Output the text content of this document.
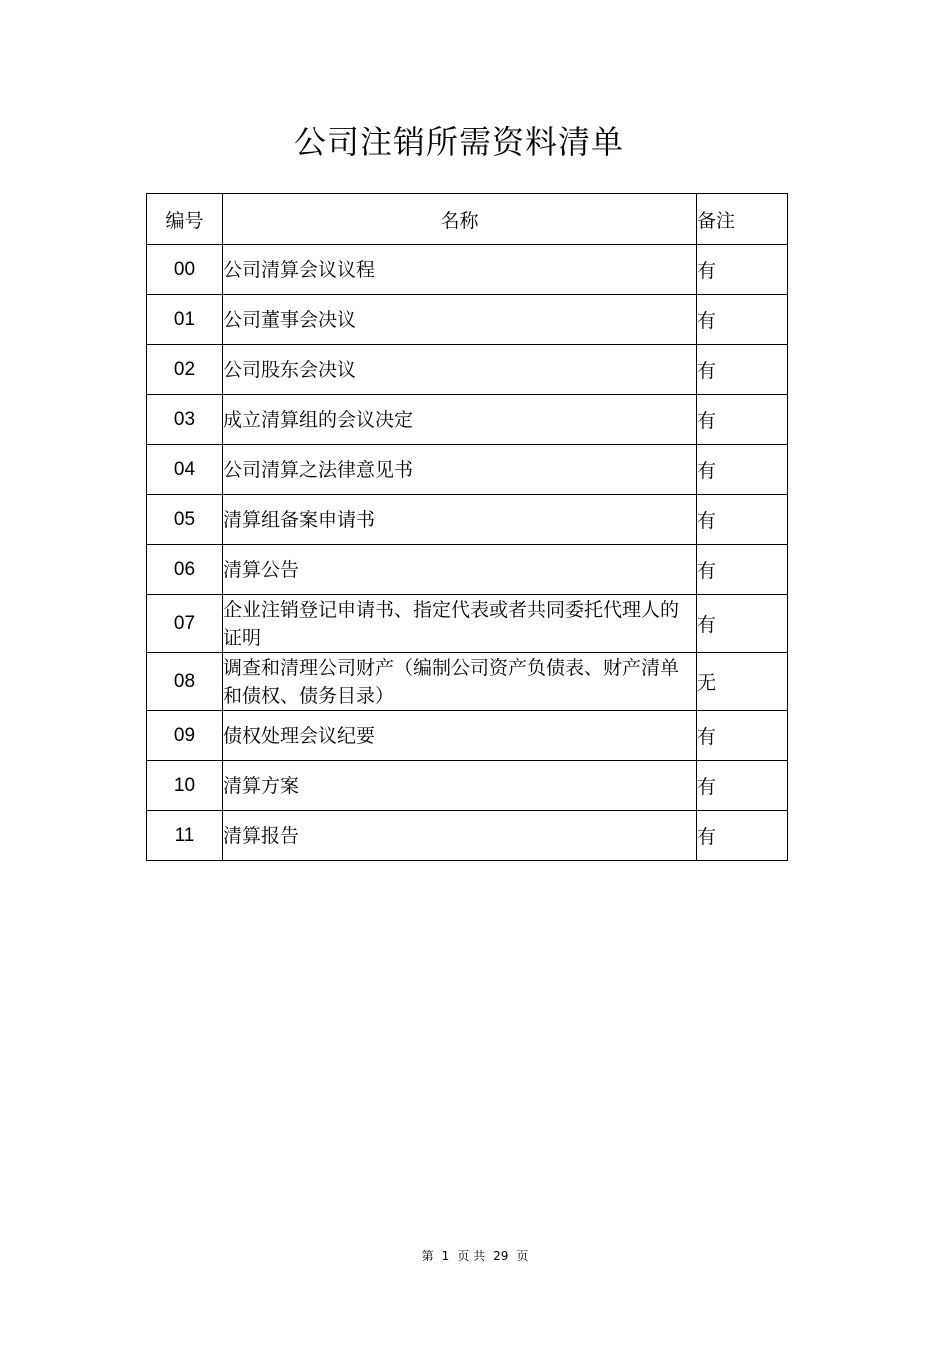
公司注销所需资料清单
编号	名称	备注
00	公司清算会议议程	有
01	公司董事会决议	有
02	公司股东会决议	有
03	成立清算组的会议决定	有
04	公司清算之法律意见书	有
05	清算组备案申请书	有
06	清算公告	有
07	企业注销登记申请书、指定代表或者共同委托代理人的证明	有
08	调查和清理公司财产（编制公司资产负债表、财产清单和债权、债务目录）	无
09	债权处理会议纪要	有
10	清算方案	有
11	清算报告	有
第 1 页 共 29 页
